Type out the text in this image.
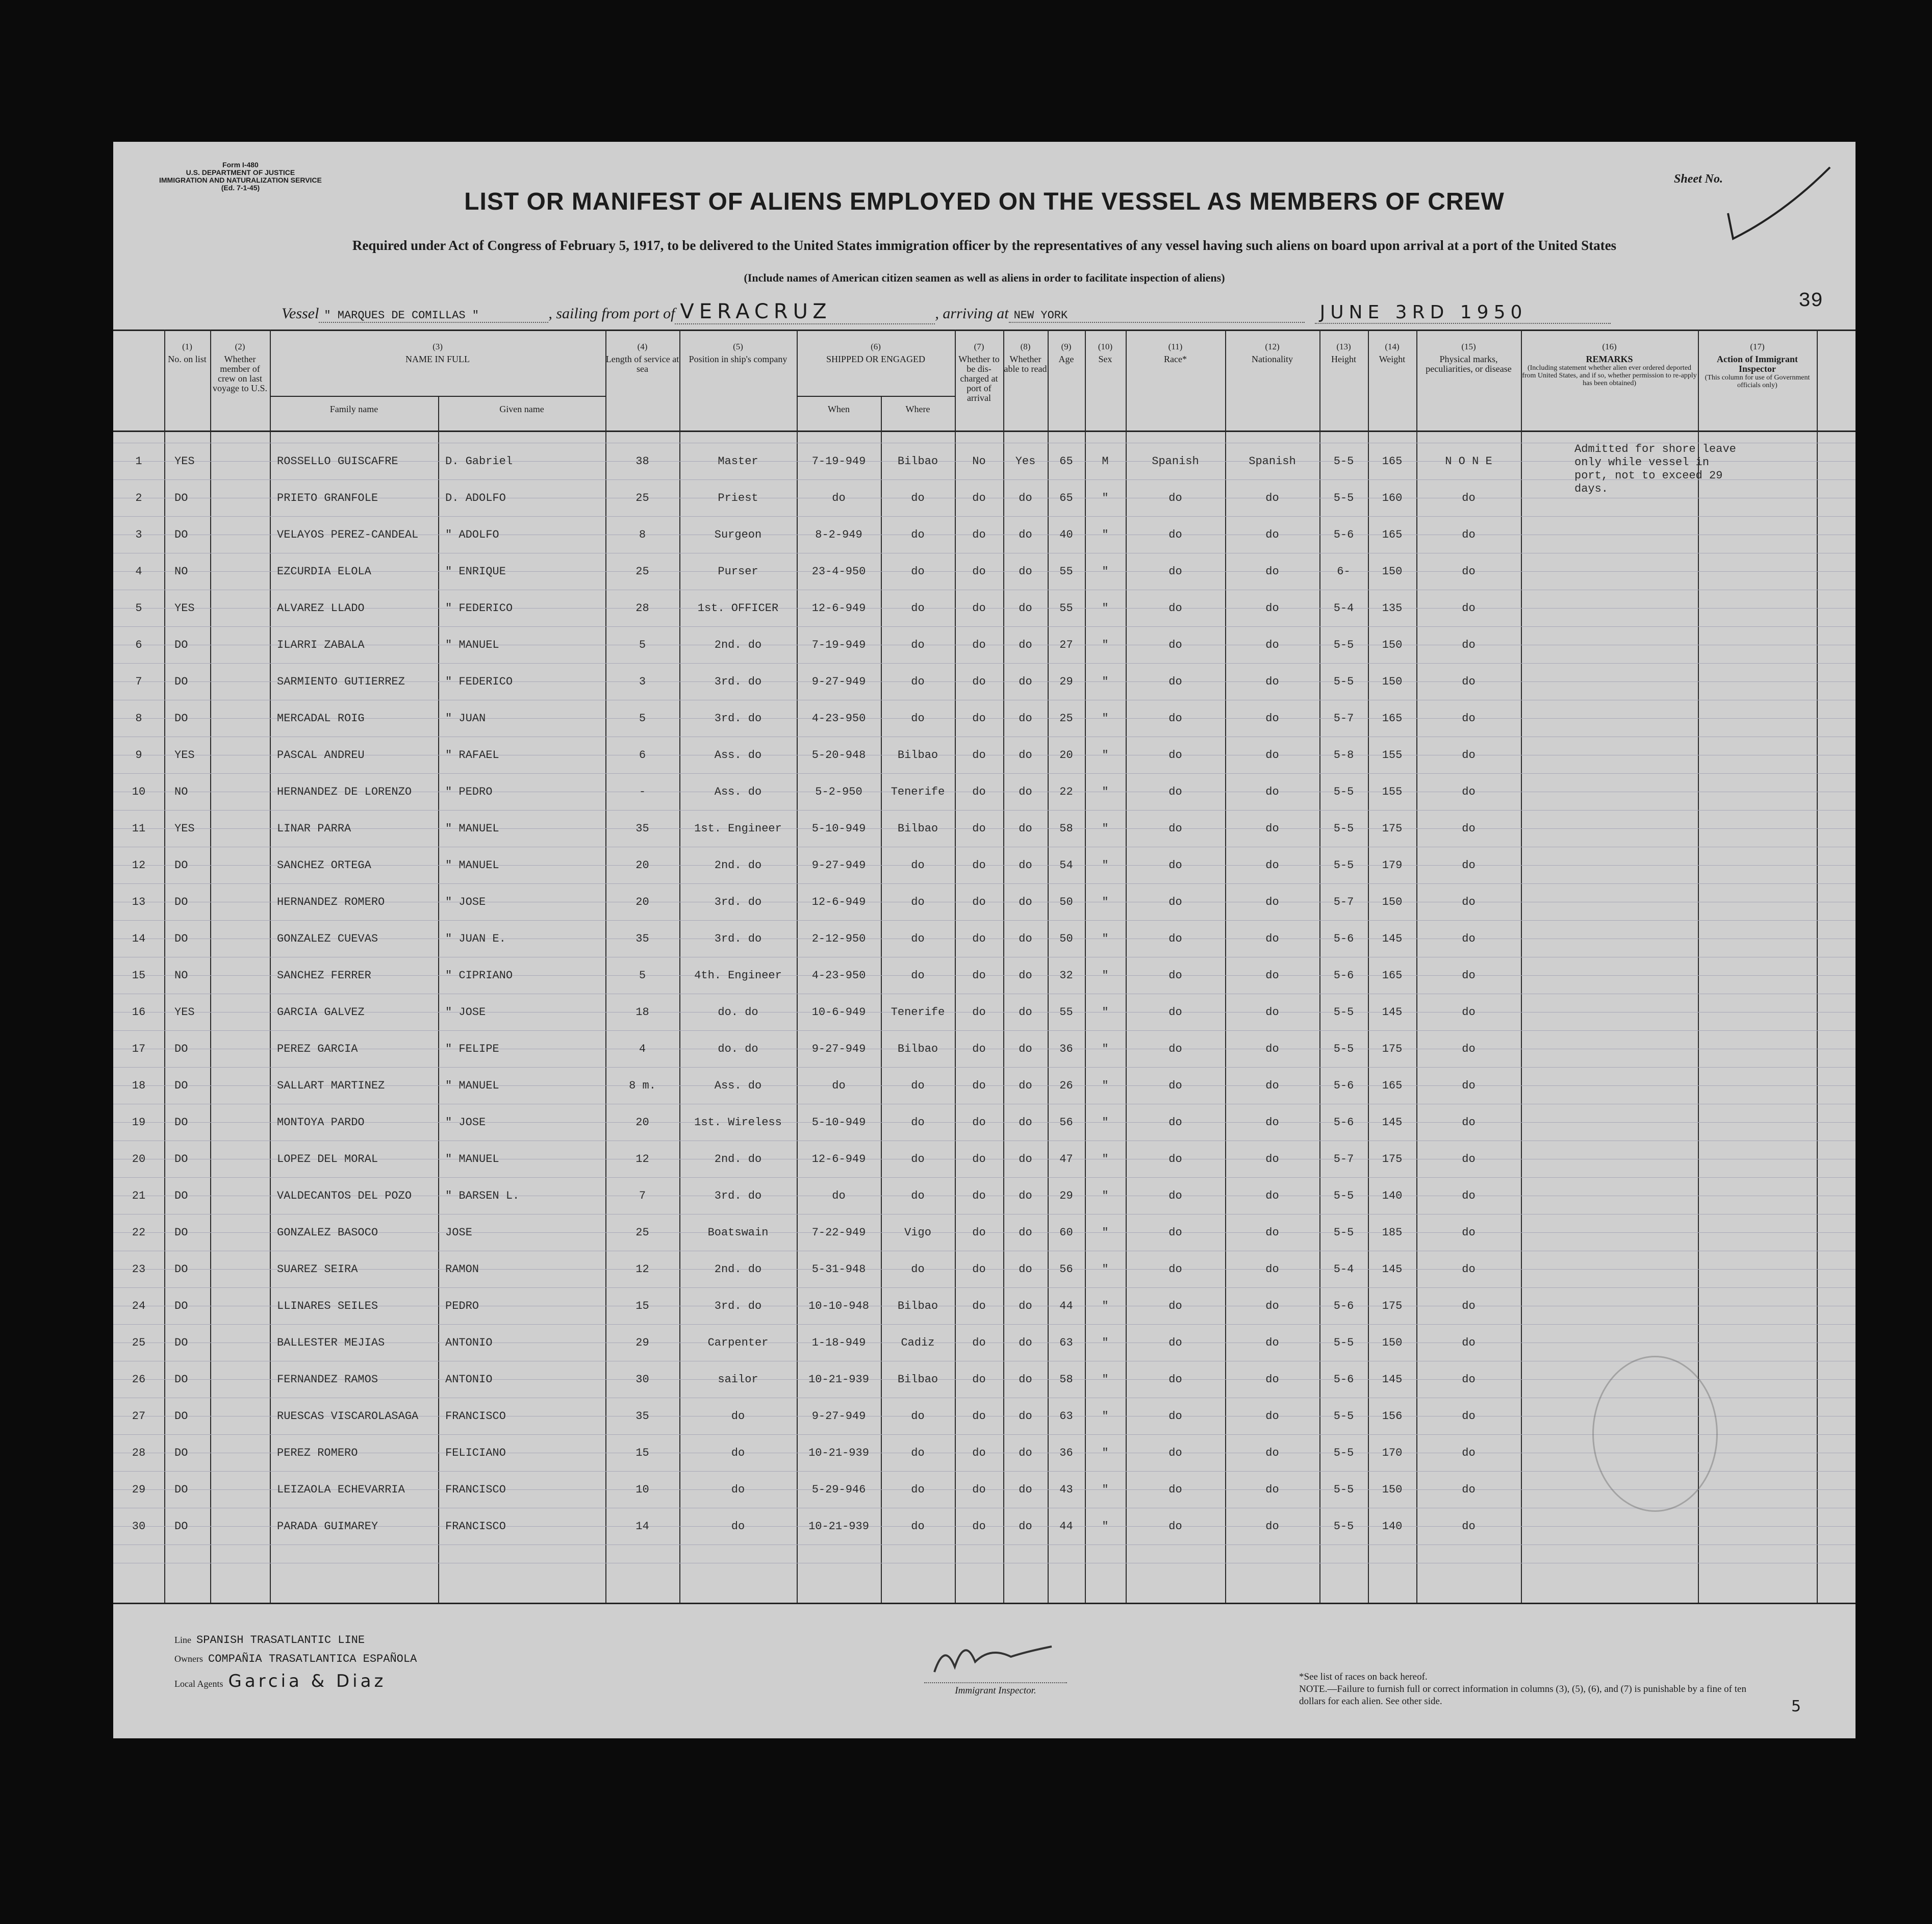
Form I-480
U.S. DEPARTMENT OF JUSTICE
IMMIGRATION AND NATURALIZATION SERVICE
(Ed. 7-1-45)
Sheet No.
LIST OR MANIFEST OF ALIENS EMPLOYED ON THE VESSEL AS MEMBERS OF CREW
Required under Act of Congress of February 5, 1917, to be delivered to the United States immigration officer by the representatives of any vessel having such aliens on board upon arrival at a port of the United States
(Include names of American citizen seamen as well as aliens in order to facilitate inspection of aliens)
Vessel " MARQUES DE COMILLAS "	, sailing from port of VERACRUZ	, arriving at NEW YORK	JUNE 3RD 1950	39
(1)
No. on list
(2)
Whether member of crew on last voyage to U.S.
(3)
NAME IN FULL
Family name	Given name
(4)
Length of service at sea
(5)
Position in ship's company
(6)
SHIPPED OR ENGAGED
When	Where
(7)
Whether to be dis-charged at port of arrival
(8)
Whether able to read
(9)
Age
(10)
Sex
(11)
Race*
(12)
Nationality
(13)
Height
(14)
Weight
(15)
Physical marks, peculiarities, or disease
(16)
REMARKS

(Including statement whether alien ever ordered deported from United States, and if so, whether permission to re-apply has been obtained)
(17)
Action of Immigrant Inspector

(This column for use of Government officials only)
1	YES		ROSSELLO GUISCAFRE	D. Gabriel	38	Master	7-19-949	Bilbao	No	Yes	65	M	Spanish	Spanish	5-5	165	N O N E
2	DO		PRIETO GRANFOLE	D. ADOLFO	25	Priest	do	do	do	do	65	"	do	do	5-5	160	do
3	DO		VELAYOS PEREZ-CANDEAL	" ADOLFO	8	Surgeon	8-2-949	do	do	do	40	"	do	do	5-6	165	do
4	NO		EZCURDIA ELOLA	" ENRIQUE	25	Purser	23-4-950	do	do	do	55	"	do	do	6-	150	do
5	YES		ALVAREZ LLADO	" FEDERICO	28	1st. OFFICER	12-6-949	do	do	do	55	"	do	do	5-4	135	do
6	DO		ILARRI ZABALA	" MANUEL	5	2nd. do	7-19-949	do	do	do	27	"	do	do	5-5	150	do
7	DO		SARMIENTO GUTIERREZ	" FEDERICO	3	3rd. do	9-27-949	do	do	do	29	"	do	do	5-5	150	do
8	DO		MERCADAL ROIG	" JUAN	5	3rd. do	4-23-950	do	do	do	25	"	do	do	5-7	165	do
9	YES		PASCAL ANDREU	" RAFAEL	6	Ass. do	5-20-948	Bilbao	do	do	20	"	do	do	5-8	155	do
10	NO		HERNANDEZ DE LORENZO	" PEDRO	-	Ass. do	5-2-950	Tenerife	do	do	22	"	do	do	5-5	155	do
11	YES		LINAR PARRA	" MANUEL	35	1st. Engineer	5-10-949	Bilbao	do	do	58	"	do	do	5-5	175	do
12	DO		SANCHEZ ORTEGA	" MANUEL	20	2nd. do	9-27-949	do	do	do	54	"	do	do	5-5	179	do
13	DO		HERNANDEZ ROMERO	" JOSE	20	3rd. do	12-6-949	do	do	do	50	"	do	do	5-7	150	do
14	DO		GONZALEZ CUEVAS	" JUAN E.	35	3rd. do	2-12-950	do	do	do	50	"	do	do	5-6	145	do
15	NO		SANCHEZ FERRER	" CIPRIANO	5	4th. Engineer	4-23-950	do	do	do	32	"	do	do	5-6	165	do
16	YES		GARCIA GALVEZ	" JOSE	18	do. do	10-6-949	Tenerife	do	do	55	"	do	do	5-5	145	do
17	DO		PEREZ GARCIA	" FELIPE	4	do. do	9-27-949	Bilbao	do	do	36	"	do	do	5-5	175	do
18	DO		SALLART MARTINEZ	" MANUEL	8 m.	Ass. do	do	do	do	do	26	"	do	do	5-6	165	do
19	DO		MONTOYA PARDO	" JOSE	20	1st. Wireless	5-10-949	do	do	do	56	"	do	do	5-6	145	do
20	DO		LOPEZ DEL MORAL	" MANUEL	12	2nd. do	12-6-949	do	do	do	47	"	do	do	5-7	175	do
21	DO		VALDECANTOS DEL POZO	" BARSEN L.	7	3rd. do	do	do	do	do	29	"	do	do	5-5	140	do
22	DO		GONZALEZ BASOCO	JOSE	25	Boatswain	7-22-949	Vigo	do	do	60	"	do	do	5-5	185	do
23	DO		SUAREZ SEIRA	RAMON	12	2nd. do	5-31-948	do	do	do	56	"	do	do	5-4	145	do
24	DO		LLINARES SEILES	PEDRO	15	3rd. do	10-10-948	Bilbao	do	do	44	"	do	do	5-6	175	do
25	DO		BALLESTER MEJIAS	ANTONIO	29	Carpenter	1-18-949	Cadiz	do	do	63	"	do	do	5-5	150	do
26	DO		FERNANDEZ RAMOS	ANTONIO	30	sailor	10-21-939	Bilbao	do	do	58	"	do	do	5-6	145	do
27	DO		RUESCAS VISCAROLASAGA	FRANCISCO	35	do	9-27-949	do	do	do	63	"	do	do	5-5	156	do
28	DO		PEREZ ROMERO	FELICIANO	15	do	10-21-939	do	do	do	36	"	do	do	5-5	170	do
29	DO		LEIZAOLA ECHEVARRIA	FRANCISCO	10	do	5-29-946	do	do	do	43	"	do	do	5-5	150	do
30	DO		PARADA GUIMAREY	FRANCISCO	14	do	10-21-939	do	do	do	44	"	do	do	5-5	140	do
Admitted for shore leave only while vessel in port, not to exceed 29 days.
Line SPANISH TRASATLANTIC LINE
Owners COMPAÑIA TRASATLANTICA ESPAÑOLA
Local Agents Garcia & Diaz	Immigrant Inspector.
*See list of races on back hereof.
NOTE.—Failure to furnish full or correct information in columns (3), (5), (6), and (7) is punishable by a fine of ten dollars for each alien. See other side.	5
